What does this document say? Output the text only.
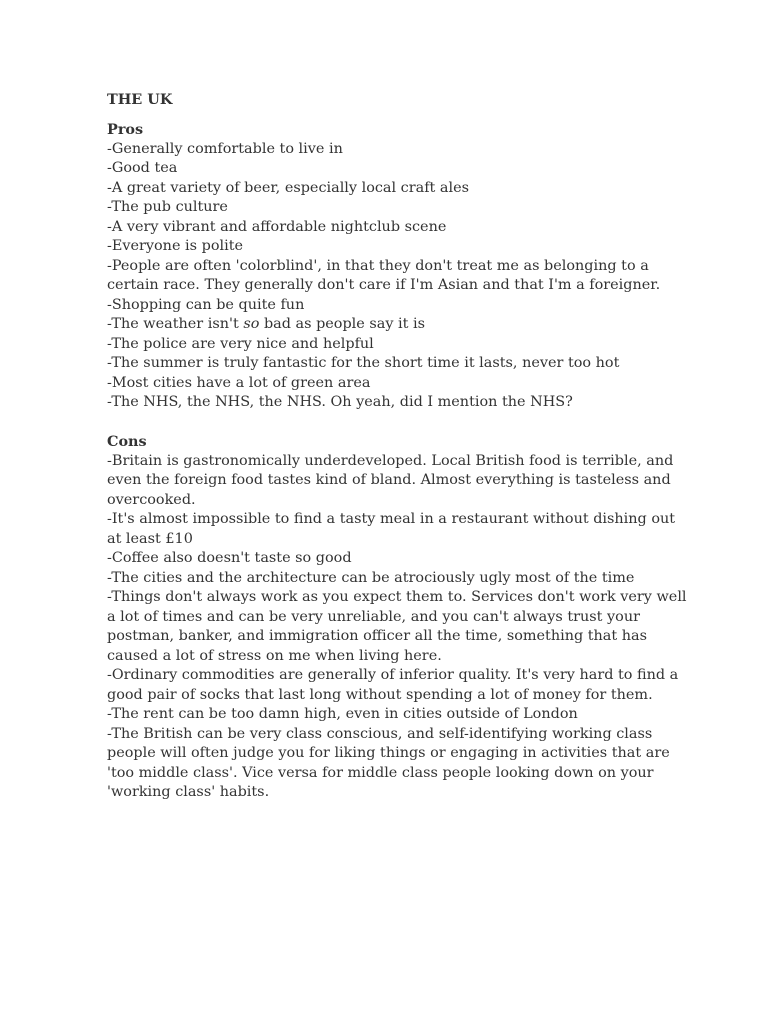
THE UK

Pros

-Generally comfortable to live in

-Good tea

-A great variety of beer, especially local craft ales

-The pub culture

-A very vibrant and affordable nightclub scene

-Everyone is polite

-People are often 'colorblind', in that they don't treat me as belonging to a certain race. They generally don't care if I'm Asian and that I'm a foreigner.

-Shopping can be quite fun

-The weather isn't so bad as people say it is

-The police are very nice and helpful

-The summer is truly fantastic for the short time it lasts, never too hot

-Most cities have a lot of green area

-The NHS, the NHS, the NHS. Oh yeah, did I mention the NHS?

Cons

-Britain is gastronomically underdeveloped. Local British food is terrible, and even the foreign food tastes kind of bland. Almost everything is tasteless and overcooked.

-It's almost impossible to find a tasty meal in a restaurant without dishing out at least £10

-Coffee also doesn't taste so good

-The cities and the architecture can be atrociously ugly most of the time

-Things don't always work as you expect them to. Services don't work very well a lot of times and can be very unreliable, and you can't always trust your postman, banker, and immigration officer all the time, something that has caused a lot of stress on me when living here.

-Ordinary commodities are generally of inferior quality. It's very hard to find a good pair of socks that last long without spending a lot of money for them.

-The rent can be too damn high, even in cities outside of London

-The British can be very class conscious, and self-identifying working class people will often judge you for liking things or engaging in activities that are 'too middle class'. Vice versa for middle class people looking down on your 'working class' habits.
